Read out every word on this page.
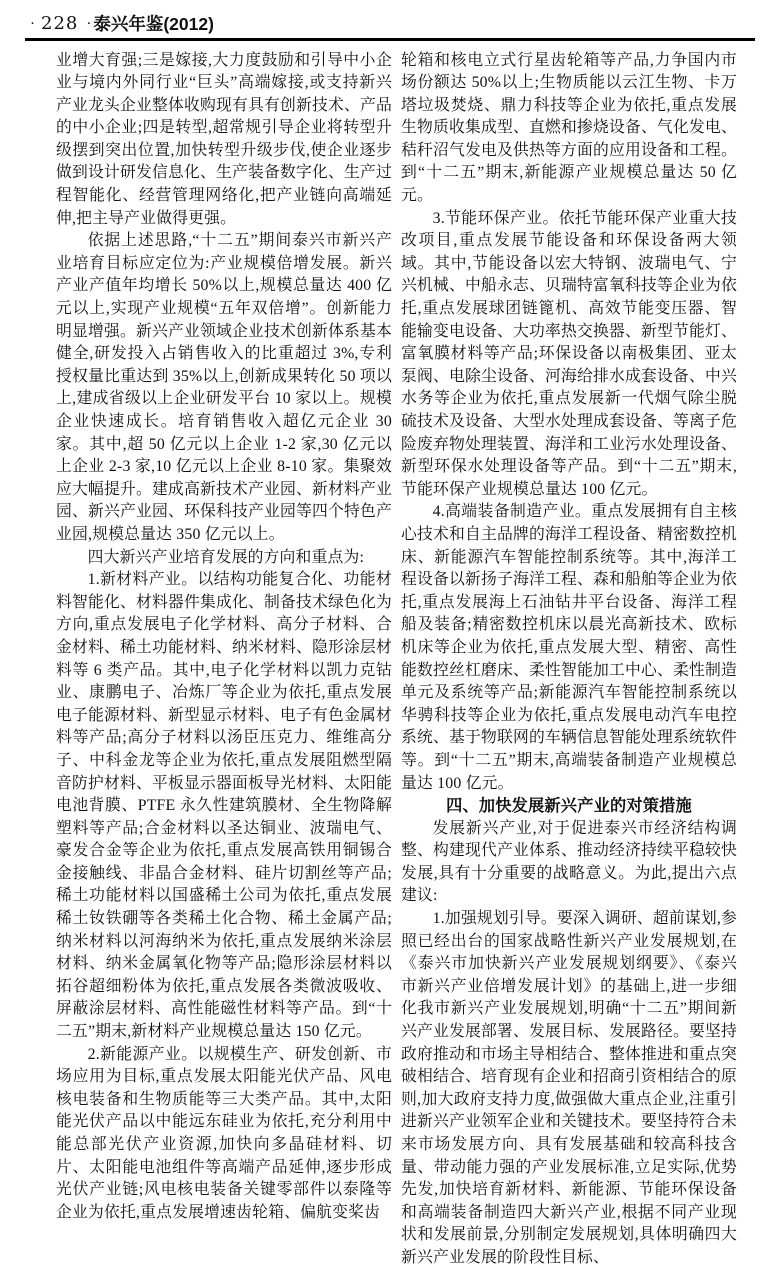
· 228 · 泰兴年鉴(2012)

业增大育强;三是嫁接,大力度鼓励和引导中小企业与境内外同行业“巨头”高端嫁接,或支持新兴产业龙头企业整体收购现有具有创新技术、产品的中小企业;四是转型,超常规引导企业将转型升级摆到突出位置,加快转型升级步伐,使企业逐步做到设计研发信息化、生产装备数字化、生产过程智能化、经营管理网络化,把产业链向高端延伸,把主导产业做得更强。

依据上述思路,“十二五”期间泰兴市新兴产业培育目标应定位为:产业规模倍增发展。新兴产业产值年均增长 50%以上,规模总量达 400 亿元以上,实现产业规模“五年双倍增”。创新能力明显增强。新兴产业领域企业技术创新体系基本健全,研发投入占销售收入的比重超过 3%,专利授权量比重达到 35%以上,创新成果转化 50 项以上,建成省级以上企业研发平台 10 家以上。规模企业快速成长。培育销售收入超亿元企业 30 家。其中,超 50 亿元以上企业 1-2 家,30 亿元以上企业 2-3 家,10 亿元以上企业 8-10 家。集聚效应大幅提升。建成高新技术产业园、新材料产业园、新兴产业园、环保科技产业园等四个特色产业园,规模总量达 350 亿元以上。

四大新兴产业培育发展的方向和重点为:

1.新材料产业。以结构功能复合化、功能材料智能化、材料器件集成化、制备技术绿色化为方向,重点发展电子化学材料、高分子材料、合金材料、稀土功能材料、纳米材料、隐形涂层材料等 6 类产品。其中,电子化学材料以凯力克钴业、康鹏电子、冶炼厂等企业为依托,重点发展电子能源材料、新型显示材料、电子有色金属材料等产品;高分子材料以汤臣压克力、维维高分子、中科金龙等企业为依托,重点发展阻燃型隔音防护材料、平板显示器面板导光材料、太阳能电池背膜、PTFE 永久性建筑膜材、全生物降解塑料等产品;合金材料以圣达铜业、波瑞电气、豪发合金等企业为依托,重点发展高铁用铜锡合金接触线、非晶合金材料、硅片切割丝等产品;稀土功能材料以国盛稀土公司为依托,重点发展稀土钕铁硼等各类稀土化合物、稀土金属产品;纳米材料以河海纳米为依托,重点发展纳米涂层材料、纳米金属氧化物等产品;隐形涂层材料以拓谷超细粉体为依托,重点发展各类微波吸收、屏蔽涂层材料、高性能磁性材料等产品。到“十二五”期末,新材料产业规模总量达 150 亿元。

2.新能源产业。以规模生产、研发创新、市场应用为目标,重点发展太阳能光伏产品、风电核电装备和生物质能等三大类产品。其中,太阳能光伏产品以中能远东硅业为依托,充分利用中能总部光伏产业资源,加快向多晶硅材料、切片、太阳能电池组件等高端产品延伸,逐步形成光伏产业链;风电核电装备关键零部件以泰隆等企业为依托,重点发展增速齿轮箱、偏航变桨齿

轮箱和核电立式行星齿轮箱等产品,力争国内市场份额达 50%以上;生物质能以云江生物、卡万塔垃圾焚烧、鼎力科技等企业为依托,重点发展生物质收集成型、直燃和掺烧设备、气化发电、秸秆沼气发电及供热等方面的应用设备和工程。到“十二五”期末,新能源产业规模总量达 50 亿元。

3.节能环保产业。依托节能环保产业重大技改项目,重点发展节能设备和环保设备两大领域。其中,节能设备以宏大特钢、波瑞电气、宁兴机械、中船永志、贝瑞特富氧科技等企业为依托,重点发展球团链篦机、高效节能变压器、智能输变电设备、大功率热交换器、新型节能灯、富氧膜材料等产品;环保设备以南极集团、亚太泵阀、电除尘设备、河海给排水成套设备、中兴水务等企业为依托,重点发展新一代烟气除尘脱硫技术及设备、大型水处理成套设备、等离子危险废弃物处理装置、海洋和工业污水处理设备、新型环保水处理设备等产品。到“十二五”期末,节能环保产业规模总量达 100 亿元。

4.高端装备制造产业。重点发展拥有自主核心技术和自主品牌的海洋工程设备、精密数控机床、新能源汽车智能控制系统等。其中,海洋工程设备以新扬子海洋工程、森和船舶等企业为依托,重点发展海上石油钻井平台设备、海洋工程船及装备;精密数控机床以晨光高新技术、欧标机床等企业为依托,重点发展大型、精密、高性能数控丝杠磨床、柔性智能加工中心、柔性制造单元及系统等产品;新能源汽车智能控制系统以华骋科技等企业为依托,重点发展电动汽车电控系统、基于物联网的车辆信息智能处理系统软件等。到“十二五”期末,高端装备制造产业规模总量达 100 亿元。

四、加快发展新兴产业的对策措施

发展新兴产业,对于促进泰兴市经济结构调整、构建现代产业体系、推动经济持续平稳较快发展,具有十分重要的战略意义。为此,提出六点建议:

1.加强规划引导。要深入调研、超前谋划,参照已经出台的国家战略性新兴产业发展规划,在《泰兴市加快新兴产业发展规划纲要》、《泰兴市新兴产业倍增发展计划》的基础上,进一步细化我市新兴产业发展规划,明确“十二五”期间新兴产业发展部署、发展目标、发展路径。要坚持政府推动和市场主导相结合、整体推进和重点突破相结合、培育现有企业和招商引资相结合的原则,加大政府支持力度,做强做大重点企业,注重引进新兴产业领军企业和关键技术。要坚持符合未来市场发展方向、具有发展基础和较高科技含量、带动能力强的产业发展标准,立足实际,优势先发,加快培育新材料、新能源、节能环保设备和高端装备制造四大新兴产业,根据不同产业现状和发展前景,分别制定发展规划,具体明确四大新兴产业发展的阶段性目标、
